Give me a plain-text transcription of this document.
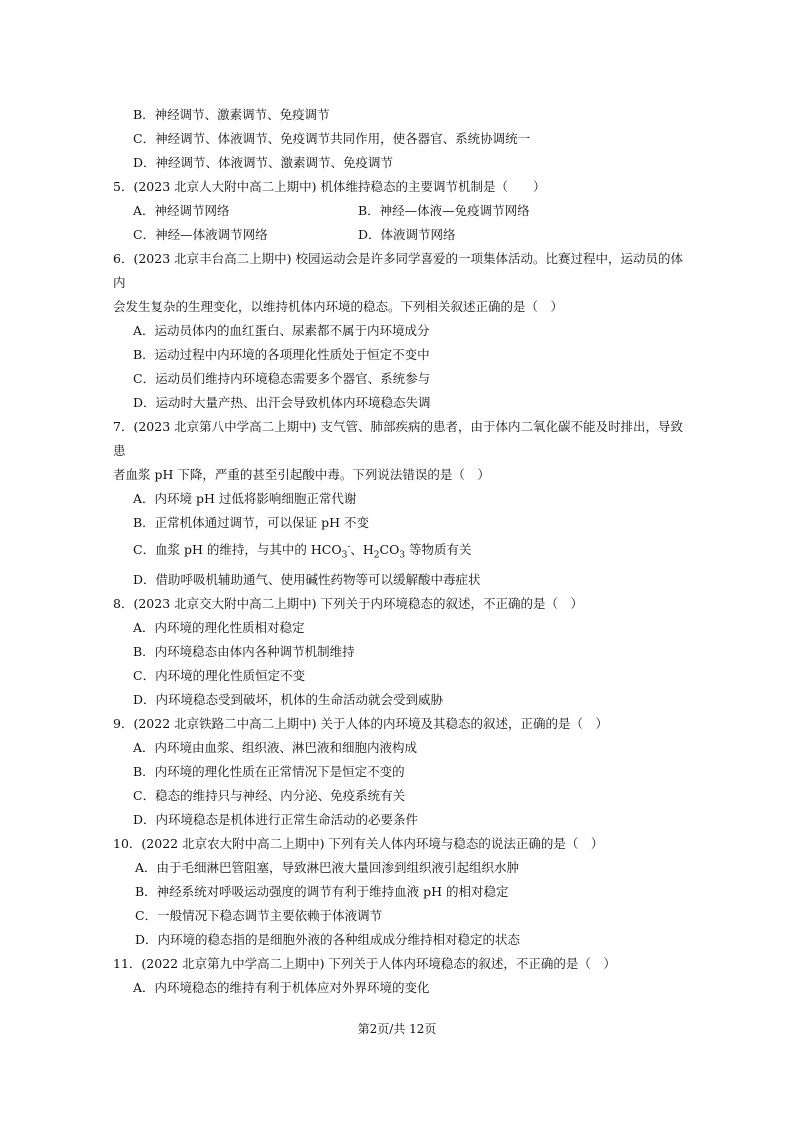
B．神经调节、激素调节、免疫调节

C．神经调节、体液调节、免疫调节共同作用，使各器官、系统协调统一

D．神经调节、体液调节、激素调节、免疫调节

5．(2023 北京人大附中高二上期中) 机体维持稳态的主要调节机制是（　　）

A．神经调节网络	B．神经—体液—免疫调节网络
C．神经—体液调节网络	D．体液调节网络

6．(2023 北京丰台高二上期中) 校园运动会是许多同学喜爱的一项集体活动。比赛过程中，运动员的体内

会发生复杂的生理变化，以维持机体内环境的稳态。下列相关叙述正确的是（　）

A．运动员体内的血红蛋白、尿素都不属于内环境成分

B．运动过程中内环境的各项理化性质处于恒定不变中

C．运动员们维持内环境稳态需要多个器官、系统参与

D．运动时大量产热、出汗会导致机体内环境稳态失调

7．(2023 北京第八中学高二上期中) 支气管、肺部疾病的患者，由于体内二氧化碳不能及时排出，导致患

者血浆 pH 下降，严重的甚至引起酸中毒。下列说法错误的是（　）

A．内环境 pH 过低将影响细胞正常代谢

B．正常机体通过调节，可以保证 pH 不变

C．血浆 pH 的维持，与其中的 $HCO_3^-$、$H_2CO_3$ 等物质有关

D．借助呼吸机辅助通气、使用碱性药物等可以缓解酸中毒症状

8．(2023 北京交大附中高二上期中) 下列关于内环境稳态的叙述，不正确的是（　）

A．内环境的理化性质相对稳定

B．内环境稳态由体内各种调节机制维持

C．内环境的理化性质恒定不变

D．内环境稳态受到破坏，机体的生命活动就会受到威胁

9．(2022 北京铁路二中高二上期中) 关于人体的内环境及其稳态的叙述，正确的是（　）

A．内环境由血浆、组织液、淋巴液和细胞内液构成

B．内环境的理化性质在正常情况下是恒定不变的

C．稳态的维持只与神经、内分泌、免疫系统有关

D．内环境稳态是机体进行正常生命活动的必要条件

10．(2022 北京农大附中高二上期中) 下列有关人体内环境与稳态的说法正确的是（　）

A．由于毛细淋巴管阻塞，导致淋巴液大量回渗到组织液引起组织水肿

B．神经系统对呼吸运动强度的调节有利于维持血液 pH 的相对稳定

C．一般情况下稳态调节主要依赖于体液调节

D．内环境的稳态指的是细胞外液的各种组成成分维持相对稳定的状态

11．(2022 北京第九中学高二上期中) 下列关于人体内环境稳态的叙述，不正确的是（　）

A．内环境稳态的维持有利于机体应对外界环境的变化

第2页/共 12页
